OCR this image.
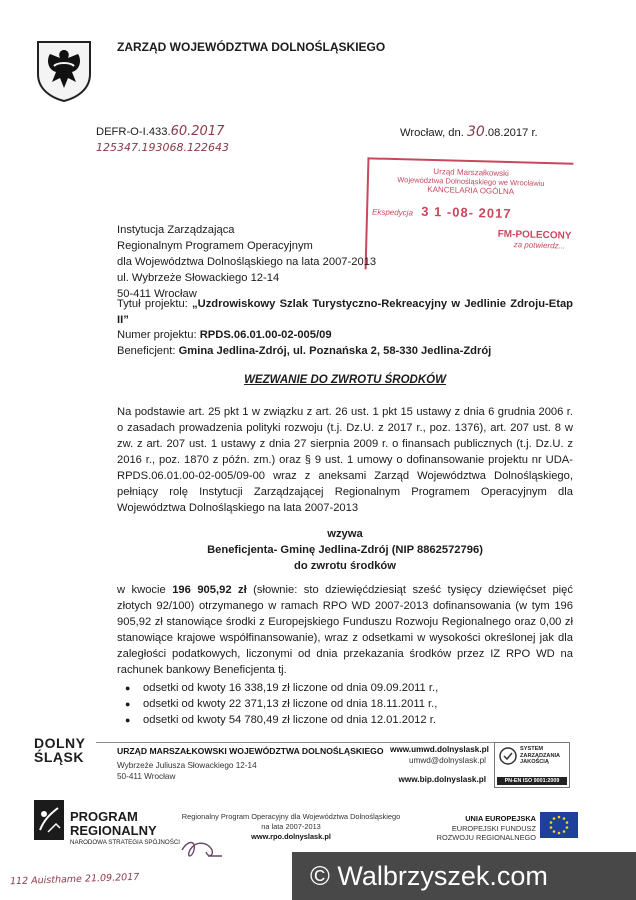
ZARZĄD WOJEWÓDZTWA DOLNOŚLĄSKIEGO
DEFR-O-I.433.60.2017
125347.193068.122643
Wrocław, dn. 30.08.2017 r.
Urząd Marszałkowski
Województwa Dolnośląskiego we Wrocławiu
KANCELARIA OGÓLNA
Ekspedycja 3 1 -08- 2017
FM-POLECONY
za potwierdz...
Instytucja Zarządzająca
Regionalnym Programem Operacyjnym
dla Województwa Dolnośląskiego na lata 2007-2013
ul. Wybrzeże Słowackiego 12-14
50-411 Wrocław
Tytuł projektu: „Uzdrowiskowy Szlak Turystyczno-Rekreacyjny w Jedlinie Zdroju-Etap II”
Numer projektu: RPDS.06.01.00-02-005/09
Beneficjent: Gmina Jedlina-Zdrój, ul. Poznańska 2, 58-330 Jedlina-Zdrój
WEZWANIE DO ZWROTU ŚRODKÓW
Na podstawie art. 25 pkt 1 w związku z art. 26 ust. 1 pkt 15 ustawy z dnia 6 grudnia 2006 r. o zasadach prowadzenia polityki rozwoju (t.j. Dz.U. z 2017 r., poz. 1376), art. 207 ust. 8 w zw. z art. 207 ust. 1 ustawy z dnia 27 sierpnia 2009 r. o finansach publicznych (t.j. Dz.U. z 2016 r., poz. 1870 z późn. zm.) oraz § 9 ust. 1 umowy o dofinansowanie projektu nr UDA-RPDS.06.01.00-02-005/09-00 wraz z aneksami Zarząd Województwa Dolnośląskiego, pełniący rolę Instytucji Zarządzającej Regionalnym Programem Operacyjnym dla Województwa Dolnośląskiego na lata 2007-2013
wzywa
Beneficjenta- Gminę Jedlina-Zdrój (NIP 8862572796)
do zwrotu środków
w kwocie 196 905,92 zł (słownie: sto dziewięćdziesiąt sześć tysięcy dziewięćset pięć złotych 92/100) otrzymanego w ramach RPO WD 2007-2013 dofinansowania (w tym 196 905,92 zł stanowiące środki z Europejskiego Funduszu Rozwoju Regionalnego oraz 0,00 zł stanowiące krajowe współfinansowanie), wraz z odsetkami w wysokości określonej jak dla zaległości podatkowych, liczonymi od dnia przekazania środków przez IZ RPO WD na rachunek bankowy Beneficjenta tj.
● odsetki od kwoty 16 338,19 zł liczone od dnia 09.09.2011 r.,
● odsetki od kwoty 22 371,13 zł liczone od dnia 18.11.2011 r.,
● odsetki od kwoty 54 780,49 zł liczone od dnia 12.01.2012 r.
DOLNY
ŚLĄSK	URZĄD MARSZAŁKOWSKI WOJEWÓDZTWA DOLNOŚLĄSKIEGO
Wybrzeże Juliusza Słowackiego 12-14
50-411 Wrocław
www.umwd.dolnyslask.pl
umwd@dolnyslask.pl
www.bip.dolnyslask.pl
SYSTEM
ZARZĄDZANIA
JAKOŚCIĄ
PN-EN ISO 9001:2009
PROGRAM
REGIONALNY
NARODOWA STRATEGIA SPÓJNOŚCI
Regionalny Program Operacyjny dla Województwa Dolnośląskiego
na lata 2007-2013
www.rpo.dolnyslask.pl
UNIA EUROPEJSKA
EUROPEJSKI FUNDUSZ
ROZWOJU REGIONALNEGO
112 Auisthame 21.09.2017	© Walbrzyszek.com
